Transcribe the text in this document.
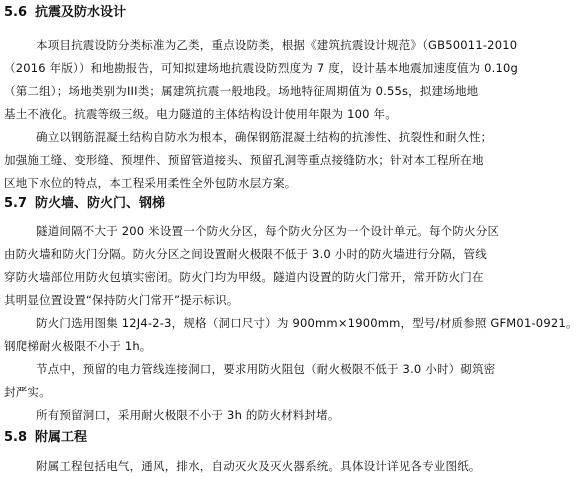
5.6 抗震及防水设计
本项目抗震设防分类标准为乙类，重点设防类，根据《建筑抗震设计规范》（GB50011-2010
（2016 年版））和地勘报告，可知拟建场地抗震设防烈度为 7 度，设计基本地震加速度值为 0.10g
（第二组）；场地类别为III类；属建筑抗震一般地段。场地特征周期值为 0.55s，拟建场地地
基土不液化。抗震等级三级。电力隧道的主体结构设计使用年限为 100 年。
确立以钢筋混凝土结构自防水为根本，确保钢筋混凝土结构的抗渗性、抗裂性和耐久性；
加强施工缝、变形缝、预埋件、预留管道接头、预留孔洞等重点接缝防水；针对本工程所在地
区地下水位的特点，本工程采用柔性全外包防水层方案。
5.7 防火墙、防火门、钢梯
隧道间隔不大于 200 米设置一个防火分区，每个防火分区为一个设计单元。每个防火分区
由防火墙和防火门分隔。防火分区之间设置耐火极限不低于 3.0 小时的防火墙进行分隔，管线
穿防火墙部位用防火包填实密闭。防火门均为甲级。隧道内设置的防火门常开，常开防火门在
其明显位置设置“保持防火门常开”提示标识。
防火门选用图集 12J4-2-3，规格（洞口尺寸）为 900mm×1900mm，型号/材质参照 GFM01-0921。
钢爬梯耐火极限不小于 1h。
节点中，预留的电力管线连接洞口，要求用防火阻包（耐火极限不低于 3.0 小时）砌筑密
封严实。
所有预留洞口，采用耐火极限不小于 3h 的防火材料封堵。
5.8 附属工程
附属工程包括电气，通风，排水，自动灭火及灭火器系统。具体设计详见各专业图纸。
